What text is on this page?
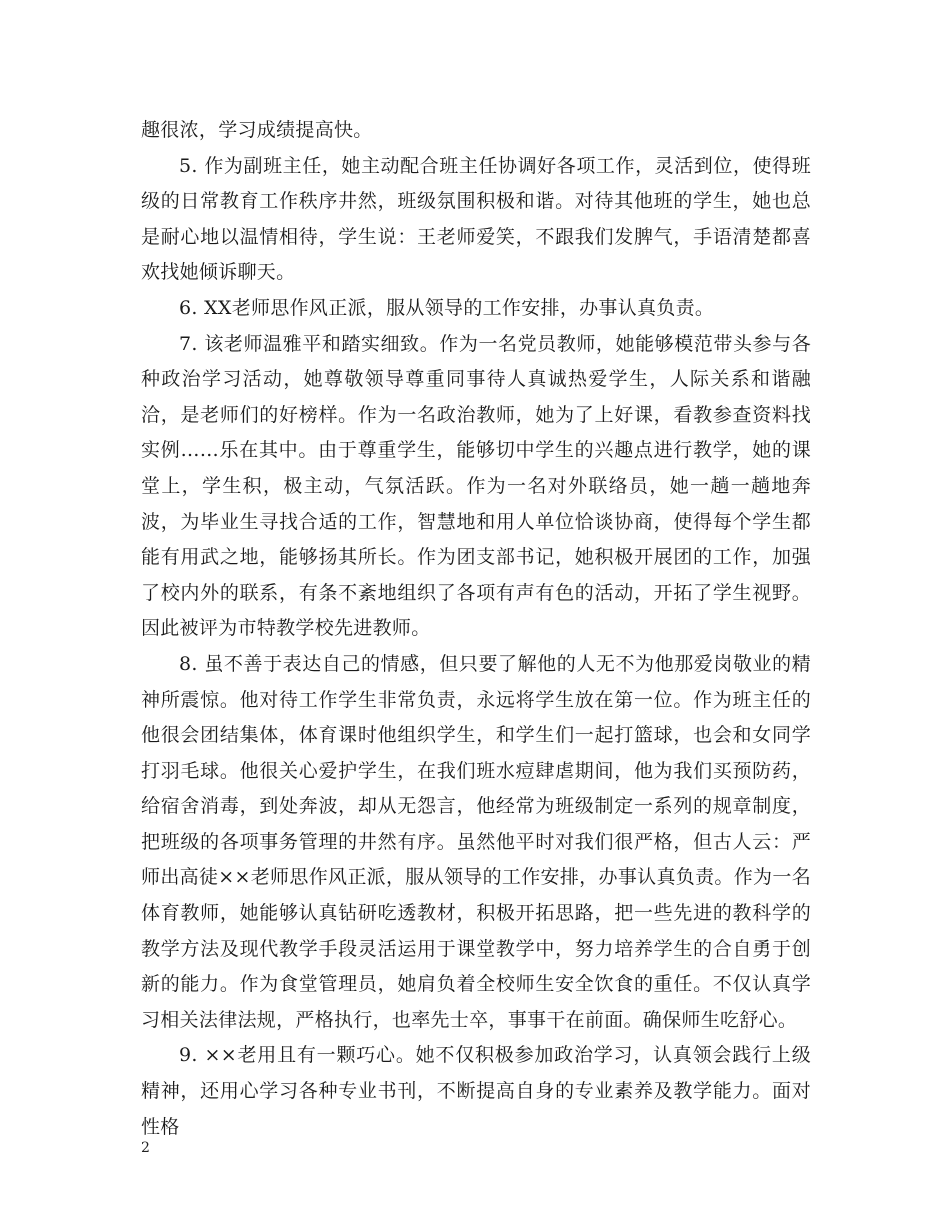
趣很浓，学习成绩提高快。

5. 作为副班主任，她主动配合班主任协调好各项工作，灵活到位，使得班级的日常教育工作秩序井然，班级氛围积极和谐。对待其他班的学生，她也总是耐心地以温情相待，学生说：王老师爱笑，不跟我们发脾气，手语清楚都喜欢找她倾诉聊天。

6. XX老师思作风正派，服从领导的工作安排，办事认真负责。

7. 该老师温雅平和踏实细致。作为一名党员教师，她能够模范带头参与各种政治学习活动，她尊敬领导尊重同事待人真诚热爱学生，人际关系和谐融洽，是老师们的好榜样。作为一名政治教师，她为了上好课，看教参查资料找实例……乐在其中。由于尊重学生，能够切中学生的兴趣点进行教学，她的课堂上，学生积，极主动，气氛活跃。作为一名对外联络员，她一趟一趟地奔波，为毕业生寻找合适的工作，智慧地和用人单位恰谈协商，使得每个学生都能有用武之地，能够扬其所长。作为团支部书记，她积极开展团的工作，加强了校内外的联系，有条不紊地组织了各项有声有色的活动，开拓了学生视野。因此被评为市特教学校先进教师。

8. 虽不善于表达自己的情感，但只要了解他的人无不为他那爱岗敬业的精神所震惊。他对待工作学生非常负责，永远将学生放在第一位。作为班主任的他很会团结集体，体育课时他组织学生，和学生们一起打篮球，也会和女同学打羽毛球。他很关心爱护学生，在我们班水痘肆虐期间，他为我们买预防药，给宿舍消毒，到处奔波，却从无怨言，他经常为班级制定一系列的规章制度，把班级的各项事务管理的井然有序。虽然他平时对我们很严格，但古人云：严师出高徒××老师思作风正派，服从领导的工作安排，办事认真负责。作为一名体育教师，她能够认真钻研吃透教材，积极开拓思路，把一些先进的教科学的教学方法及现代教学手段灵活运用于课堂教学中，努力培养学生的合自勇于创新的能力。作为食堂管理员，她肩负着全校师生安全饮食的重任。不仅认真学习相关法律法规，严格执行，也率先士卒，事事干在前面。确保师生吃舒心。

9. ××老用且有一颗巧心。她不仅积极参加政治学习，认真领会践行上级精神，还用心学习各种专业书刊，不断提高自身的专业素养及教学能力。面对性格

2
